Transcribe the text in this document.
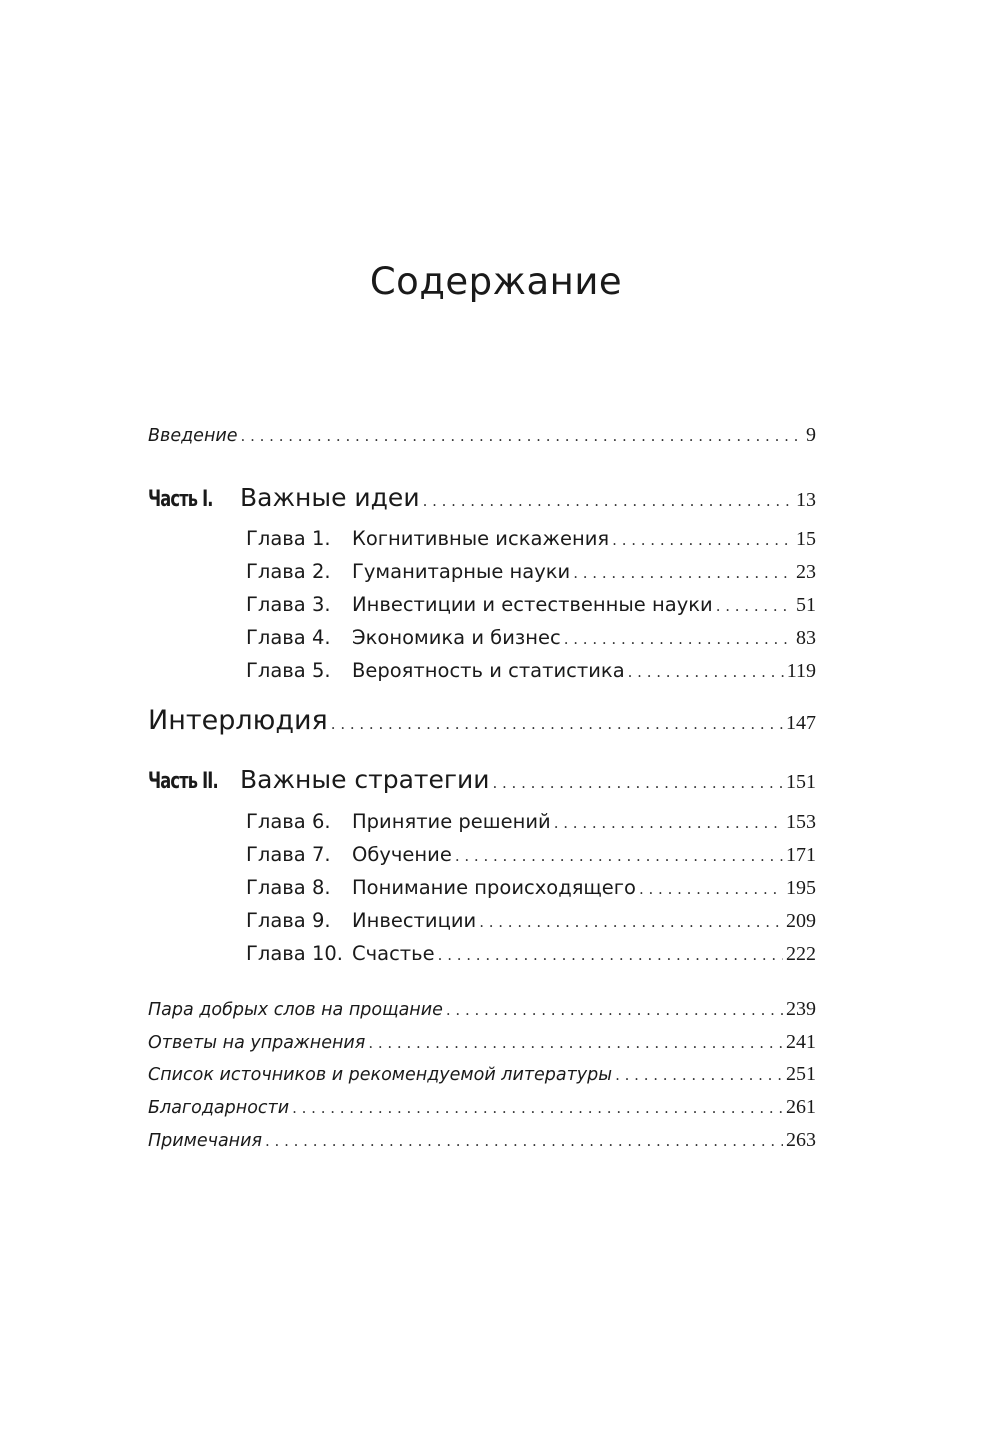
Содержание
Введение . . .	9
Часть I.	Важные идеи . . .	13
Глава 1.	Когнитивные искажения . . .	15
Глава 2.	Гуманитарные науки . . .	23
Глава 3.	Инвестиции и естественные науки . . .	51
Глава 4.	Экономика и бизнес . . .	83
Глава 5.	Вероятность и статистика . . .	119
Интерлюдия . . .	147
Часть II. Важные стратегии . . .	151
Глава 6.	Принятие решений . . .	153
Глава 7.	Обучение . . .	171
Глава 8.	Понимание происходящего . . .	195
Глава 9.	Инвестиции . . .	209
Глава 10. Счастье . . .	222
Пара добрых слов на прощание . . .	239
Ответы на упражнения . . .	241
Список источников и рекомендуемой литературы . . .	251
Благодарности . . .	261
Примечания . . .	263
